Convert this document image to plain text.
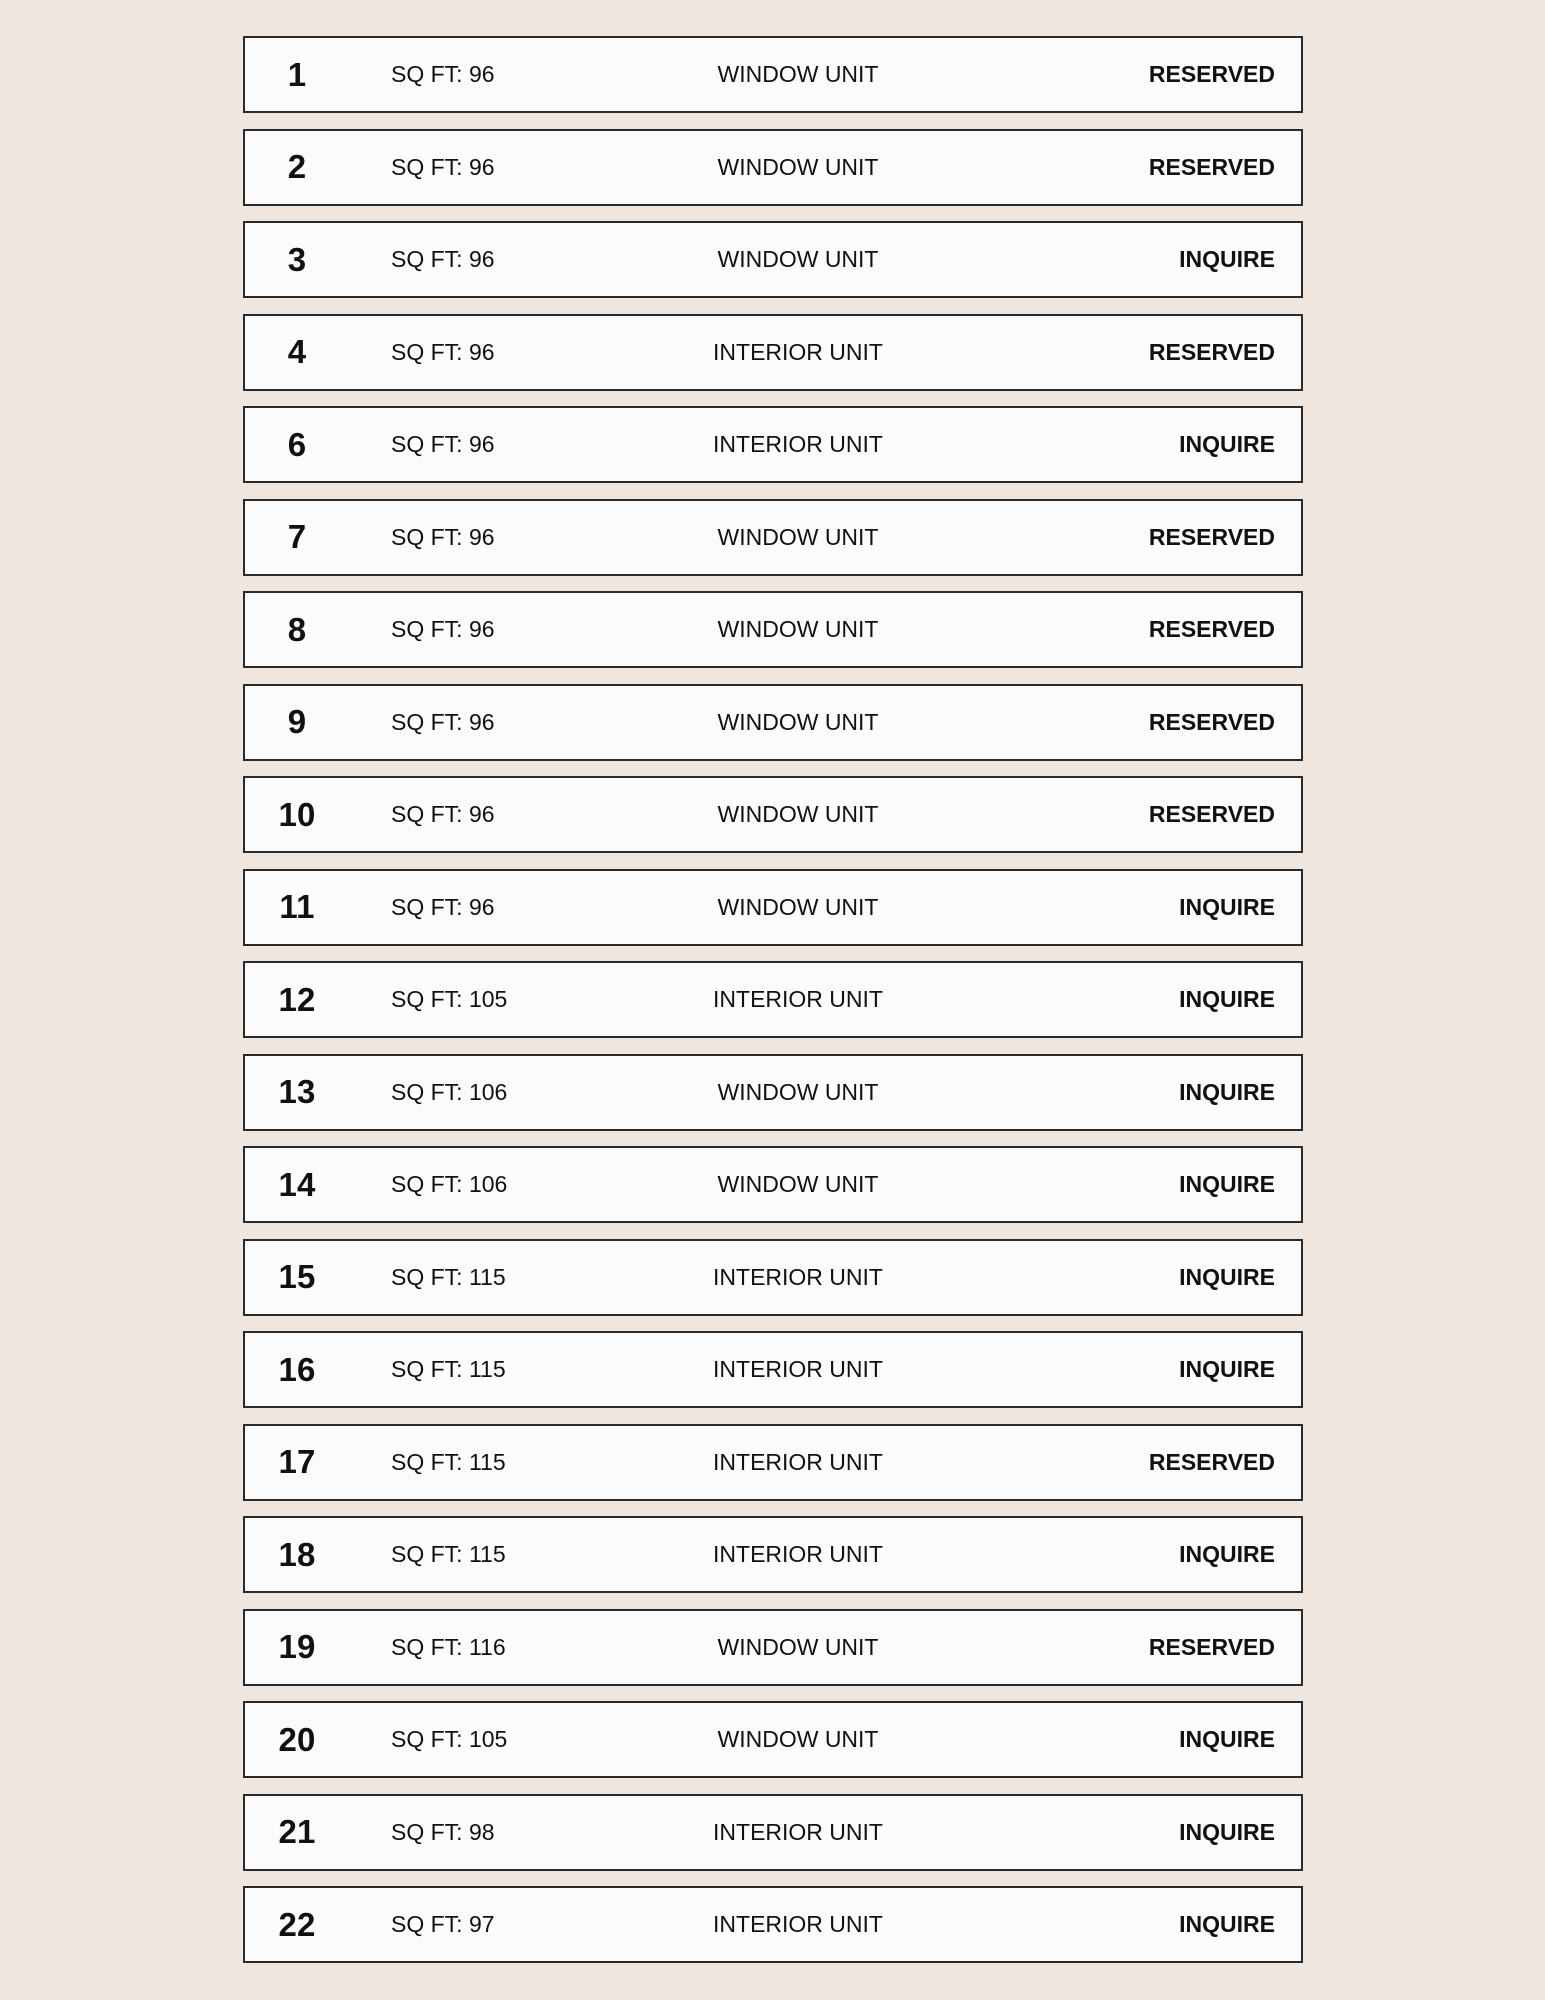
1	SQ FT: 96	WINDOW UNIT	RESERVED
2	SQ FT: 96	WINDOW UNIT	RESERVED
3	SQ FT: 96	WINDOW UNIT	INQUIRE
4	SQ FT: 96	INTERIOR UNIT	RESERVED
6	SQ FT: 96	INTERIOR UNIT	INQUIRE
7	SQ FT: 96	WINDOW UNIT	RESERVED
8	SQ FT: 96	WINDOW UNIT	RESERVED
9	SQ FT: 96	WINDOW UNIT	RESERVED
10	SQ FT: 96	WINDOW UNIT	RESERVED
11	SQ FT: 96	WINDOW UNIT	INQUIRE
12	SQ FT: 105	INTERIOR UNIT	INQUIRE
13	SQ FT: 106	WINDOW UNIT	INQUIRE
14	SQ FT: 106	WINDOW UNIT	INQUIRE
15	SQ FT: 115	INTERIOR UNIT	INQUIRE
16	SQ FT: 115	INTERIOR UNIT	INQUIRE
17	SQ FT: 115	INTERIOR UNIT	RESERVED
18	SQ FT: 115	INTERIOR UNIT	INQUIRE
19	SQ FT: 116	WINDOW UNIT	RESERVED
20	SQ FT: 105	WINDOW UNIT	INQUIRE
21	SQ FT: 98	INTERIOR UNIT	INQUIRE
22	SQ FT: 97	INTERIOR UNIT	INQUIRE
